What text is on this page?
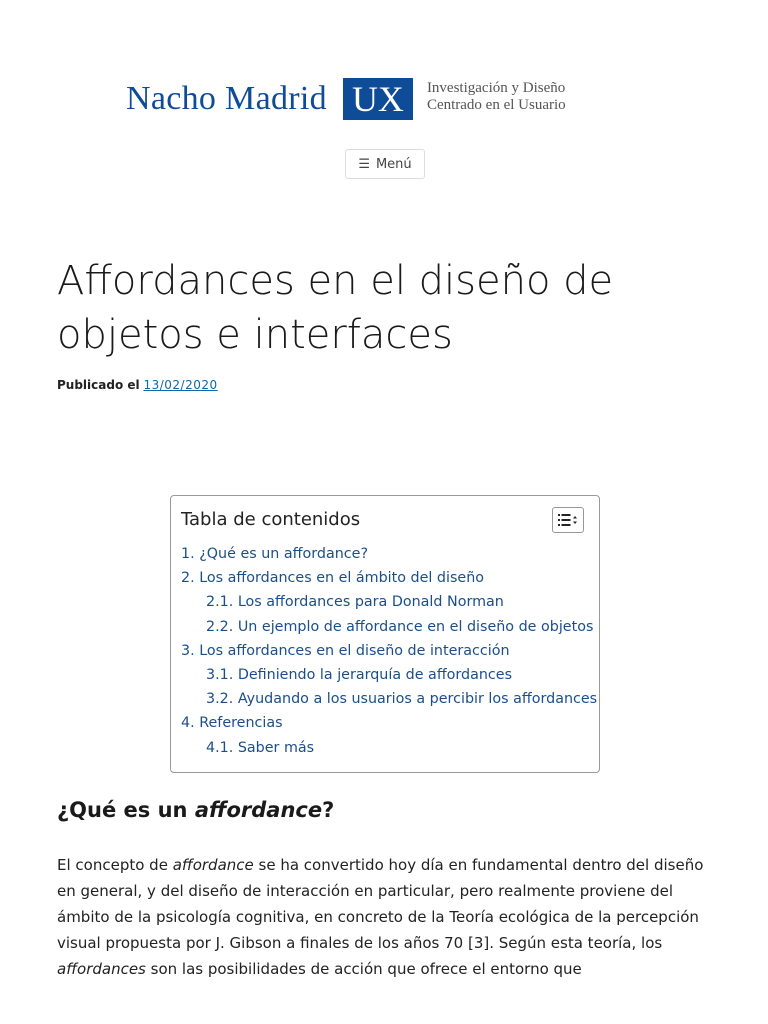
Nacho Madrid UX	Investigación y Diseño
Centrado en el Usuario
☰ Menú
Affordances en el diseño de objetos e interfaces
Publicado el 13/02/2020
Tabla de contenidos
1. ¿Qué es un affordance?
2. Los affordances en el ámbito del diseño
2.1. Los affordances para Donald Norman
2.2. Un ejemplo de affordance en el diseño de objetos
3. Los affordances en el diseño de interacción
3.1. Definiendo la jerarquía de affordances
3.2. Ayudando a los usuarios a percibir los affordances
4. Referencias
4.1. Saber más
¿Qué es un affordance?

El concepto de affordance se ha convertido hoy día en fundamental dentro del diseño en general, y del diseño de interacción en particular, pero realmente proviene del ámbito de la psicología cognitiva, en concreto de la Teoría ecológica de la percepción visual propuesta por J. Gibson a finales de los años 70 [3]. Según esta teoría, los affordances son las posibilidades de acción que ofrece el entorno que
